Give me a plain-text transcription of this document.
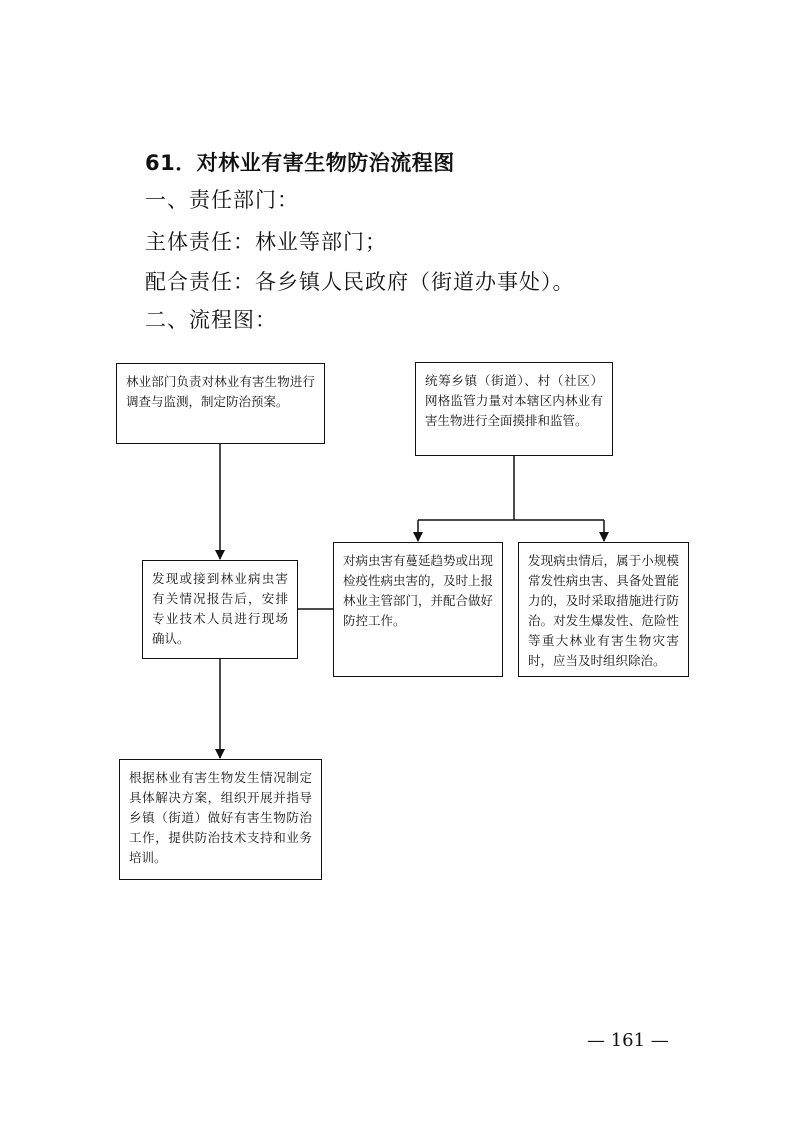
61．对林业有害生物防治流程图
一、责任部门：
主体责任：林业等部门；
配合责任：各乡镇人民政府（街道办事处）。
二、流程图：
林业部门负责对林业有害生物进行调查与监测，制定防治预案。
统筹乡镇（街道）、村（社区）网格监管力量对本辖区内林业有害生物进行全面摸排和监管。
发现或接到林业病虫害有关情况报告后，安排专业技术人员进行现场确认。
对病虫害有蔓延趋势或出现检疫性病虫害的，及时上报林业主管部门，并配合做好防控工作。
发现病虫情后，属于小规模常发性病虫害、具备处置能力的，及时采取措施进行防治。对发生爆发性、危险性等重大林业有害生物灾害时，应当及时组织除治。
根据林业有害生物发生情况制定具体解决方案，组织开展并指导乡镇（街道）做好有害生物防治工作，提供防治技术支持和业务培训。
— 161 —
